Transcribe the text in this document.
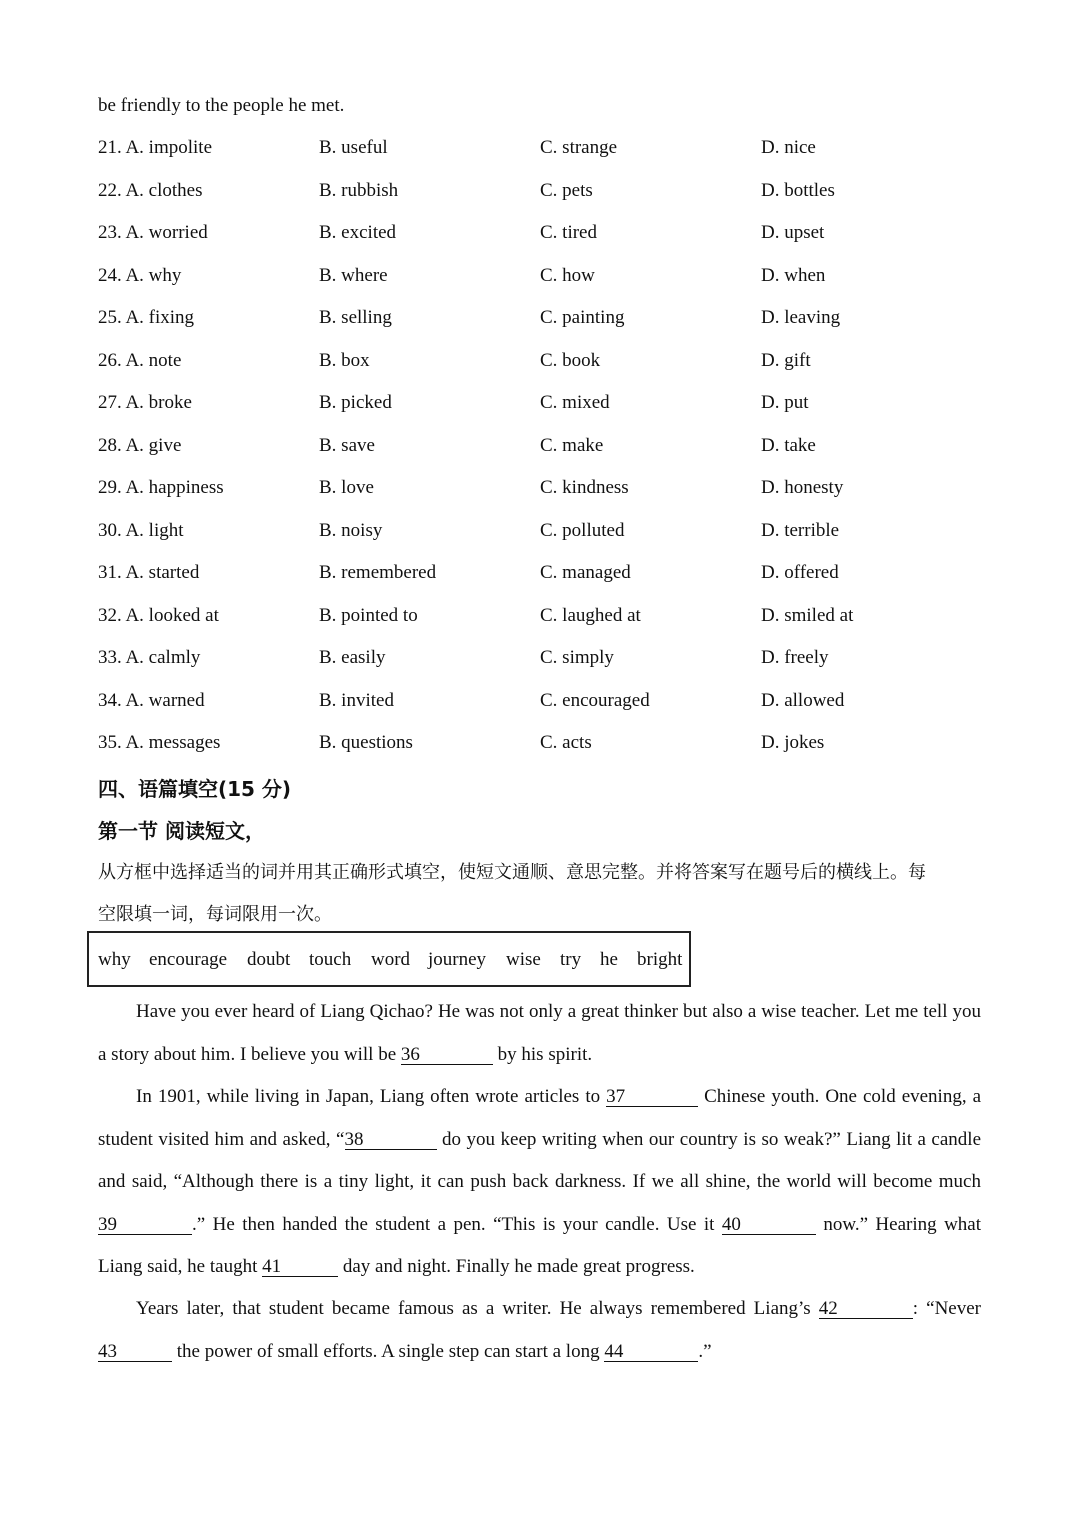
be friendly to the people he met.
21. A. impolite	B. useful	C. strange	D. nice
22. A. clothes	B. rubbish	C. pets	D. bottles
23. A. worried	B. excited	C. tired	D. upset
24. A. why	B. where	C. how	D. when
25. A. fixing	B. selling	C. painting	D. leaving
26. A. note	B. box	C. book	D. gift
27. A. broke	B. picked	C. mixed	D. put
28. A. give	B. save	C. make	D. take
29. A. happiness	B. love	C. kindness	D. honesty
30. A. light	B. noisy	C. polluted	D. terrible
31. A. started	B. remembered	C. managed	D. offered
32. A. looked at	B. pointed to	C. laughed at	D. smiled at
33. A. calmly	B. easily	C. simply	D. freely
34. A. warned	B. invited	C. encouraged	D. allowed
35. A. messages	B. questions	C. acts	D. jokes
四、语篇填空(15 分)
第一节 阅读短文，
从方框中选择适当的词并用其正确形式填空，使短文通顺、意思完整。并将答案写在题号后的横线上。每
空限填一词，每词限用一次。
why encourage doubt touch word journey wise try he bright
Have you ever heard of Liang Qichao? He was not only a great thinker but also a wise teacher. Let me tell you
a story about him. I believe you will be 36	by his spirit.
In 1901, while living in Japan, Liang often wrote articles to 37	Chinese youth. One cold evening, a
student visited him and asked, “38	do you keep writing when our country is so weak?” Liang lit a candle
and said, “Although there is a tiny light, it can push back darkness. If we all shine, the world will become much
39	.” He then handed the student a pen. “This is your candle. Use it 40	now.” Hearing what
Liang said, he taught 41	day and night. Finally he made great progress.
Years later, that student became famous as a writer. He always remembered Liang’s 42	: “Never
43	the power of small efforts. A single step can start a long 44	.”
